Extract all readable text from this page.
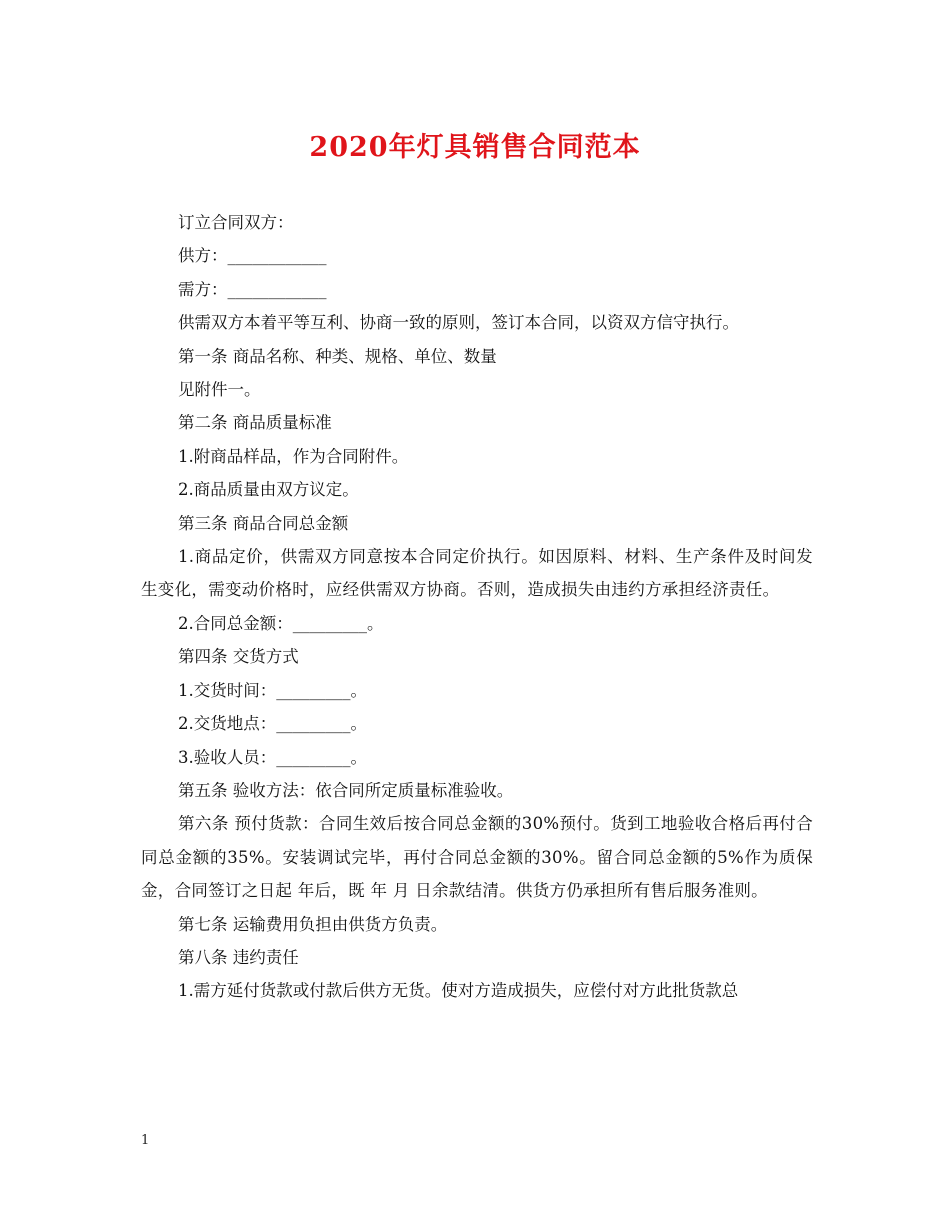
2020年灯具销售合同范本

订立合同双方：

供方：____________

需方：____________

供需双方本着平等互利、协商一致的原则，签订本合同，以资双方信守执行。

第一条 商品名称、种类、规格、单位、数量

见附件一。

第二条 商品质量标准

1.附商品样品，作为合同附件。

2.商品质量由双方议定。

第三条 商品合同总金额

1.商品定价，供需双方同意按本合同定价执行。如因原料、材料、生产条件及时间发生变化，需变动价格时，应经供需双方协商。否则，造成损失由违约方承担经济责任。

2.合同总金额：_________。

第四条 交货方式

1.交货时间：_________。

2.交货地点：_________。

3.验收人员：_________。

第五条 验收方法：依合同所定质量标准验收。

第六条 预付货款：合同生效后按合同总金额的30%预付。货到工地验收合格后再付合同总金额的35%。安装调试完毕，再付合同总金额的30%。留合同总金额的5%作为质保金，合同签订之日起 年后，既 年 月 日余款结清。供货方仍承担所有售后服务准则。

第七条 运输费用负担由供货方负责。

第八条 违约责任

1.需方延付货款或付款后供方无货。使对方造成损失，应偿付对方此批货款总

1
